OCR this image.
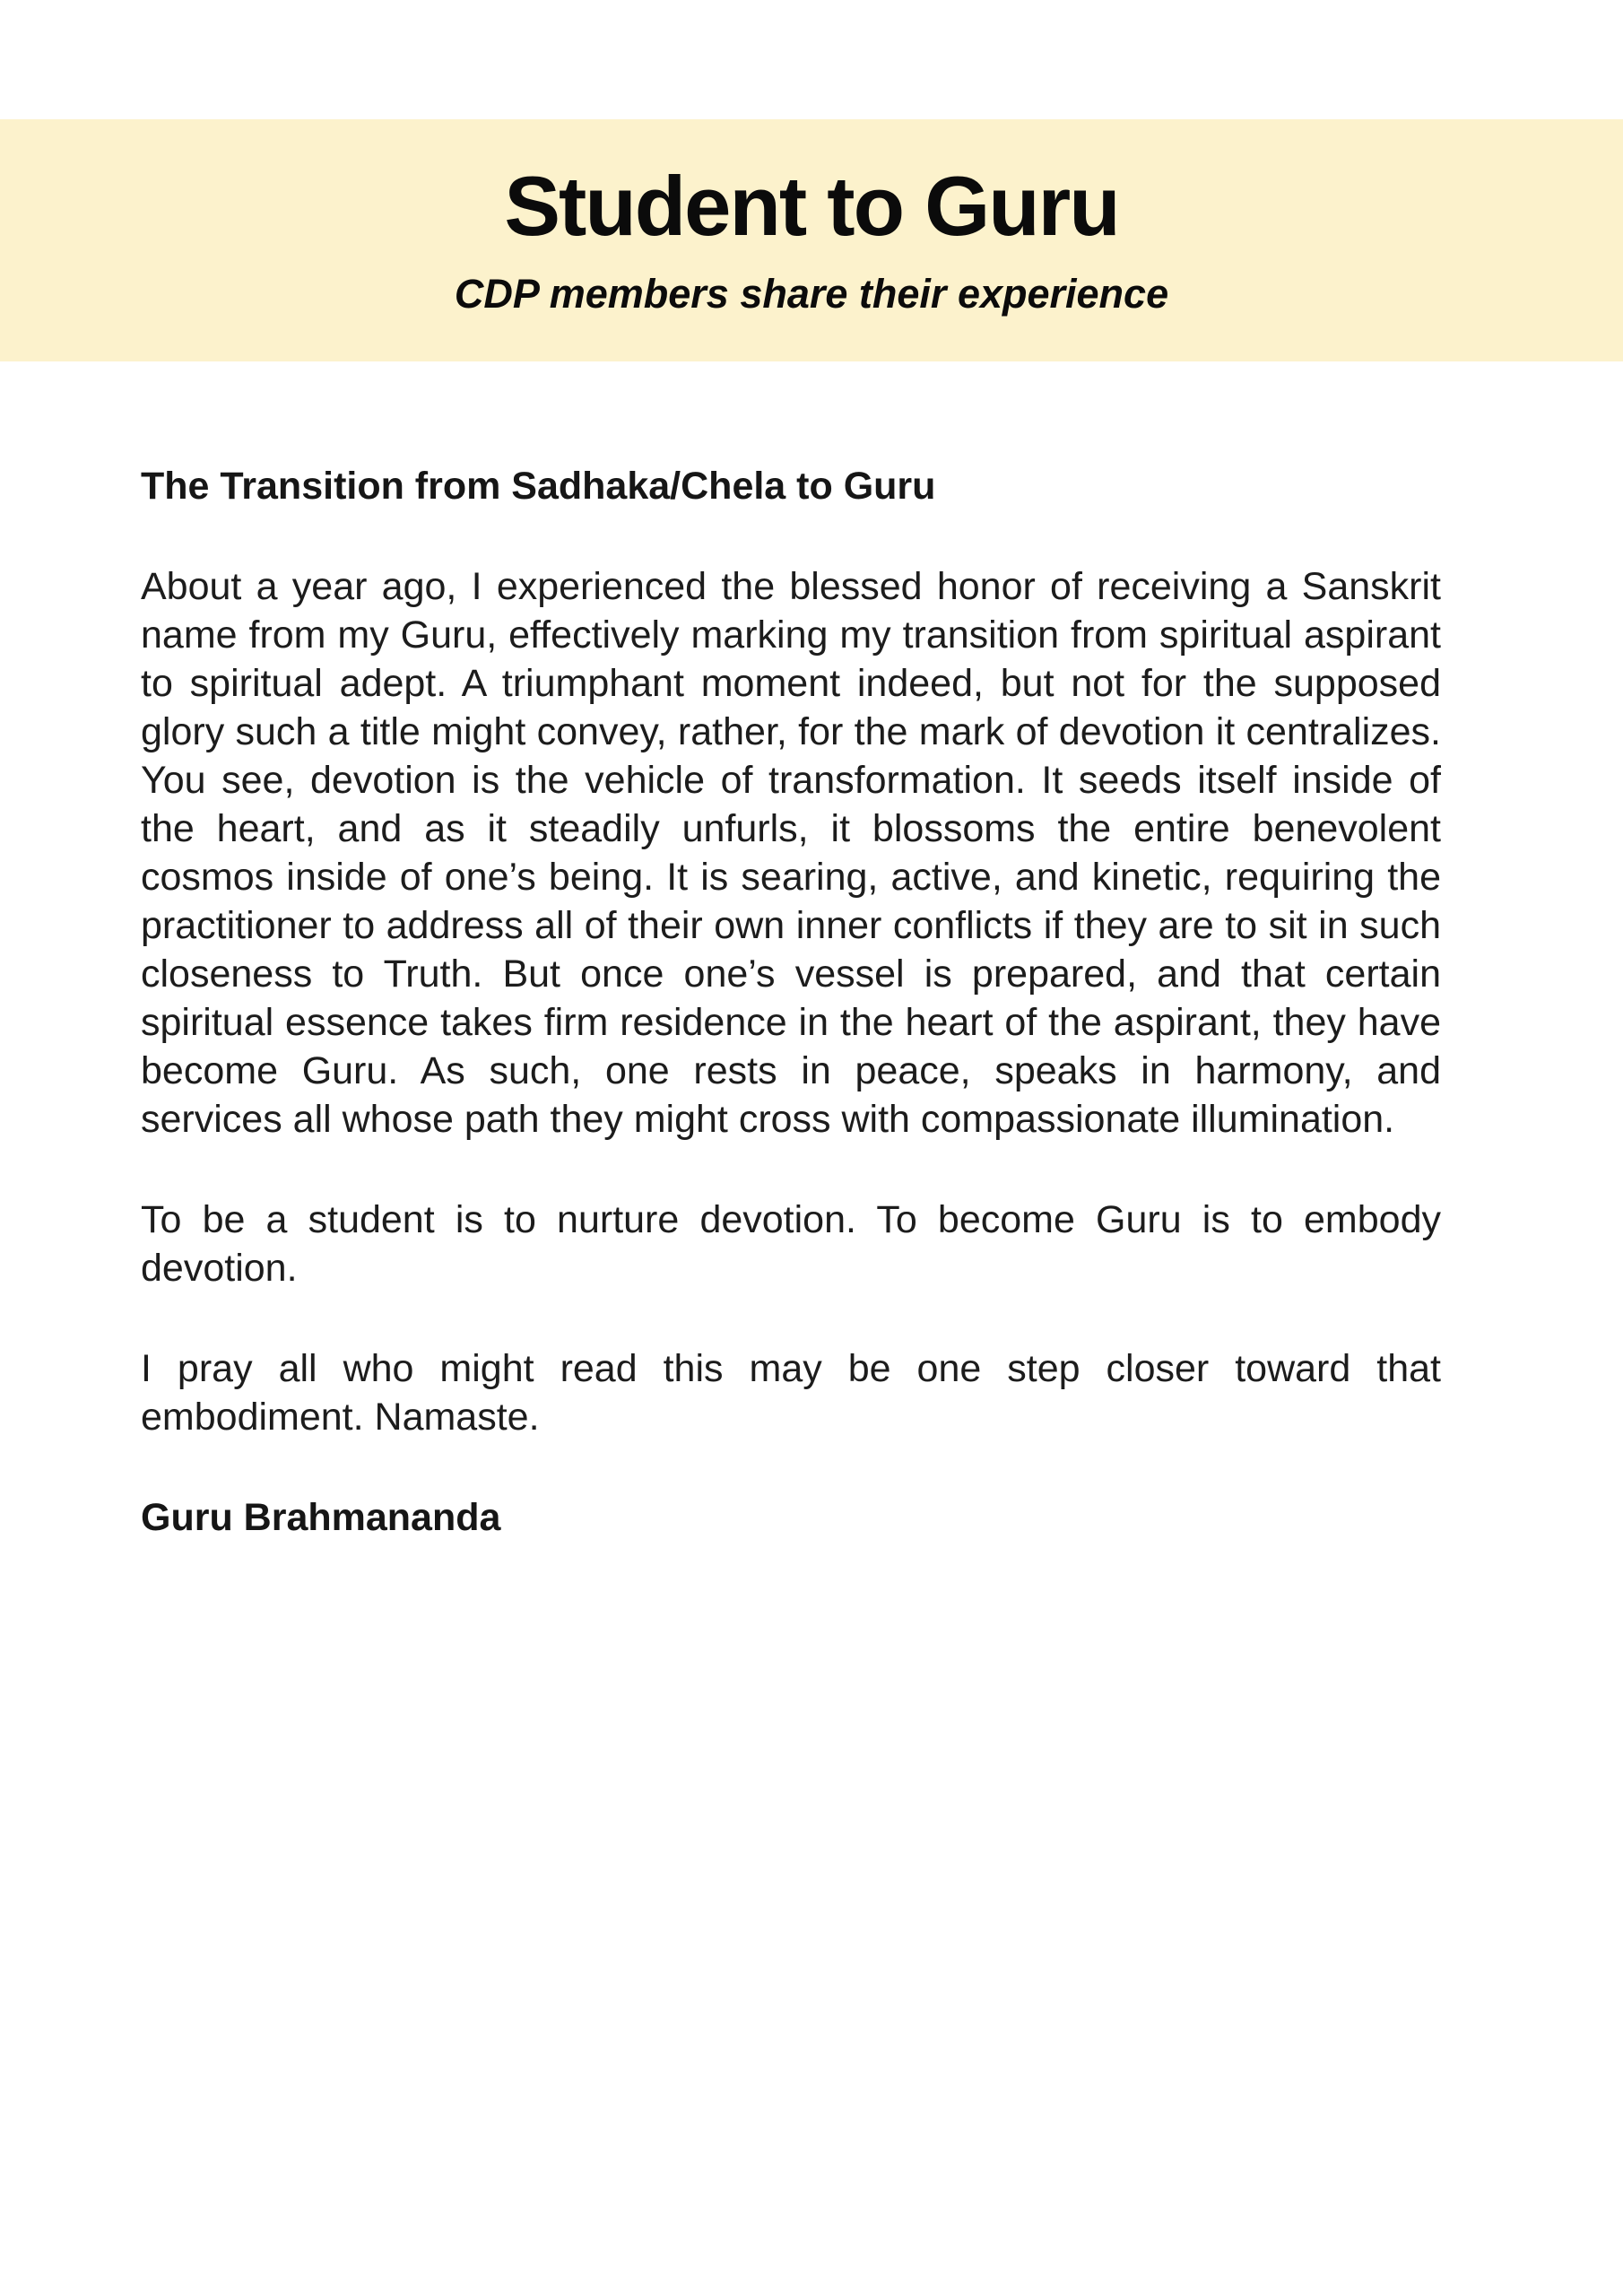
Student to Guru

CDP members share their experience

The Transition from Sadhaka/Chela to Guru

About a year ago, I experienced the blessed honor of receiving a Sanskrit name from my Guru, effectively marking my transition from spiritual aspirant to spiritual adept. A triumphant moment indeed, but not for the supposed glory such a title might convey, rather, for the mark of devotion it centralizes. You see, devotion is the vehicle of transformation. It seeds itself inside of the heart, and as it steadily unfurls, it blossoms the entire benevolent cosmos inside of one’s being. It is searing, active, and kinetic, requiring the practitioner to address all of their own inner conflicts if they are to sit in such closeness to Truth. But once one’s vessel is prepared, and that certain spiritual essence takes firm residence in the heart of the aspirant, they have become Guru. As such, one rests in peace, speaks in harmony, and services all whose path they might cross with compassionate illumination.

To be a student is to nurture devotion. To become Guru is to embody devotion.

I pray all who might read this may be one step closer toward that embodiment. Namaste.

Guru Brahmananda
